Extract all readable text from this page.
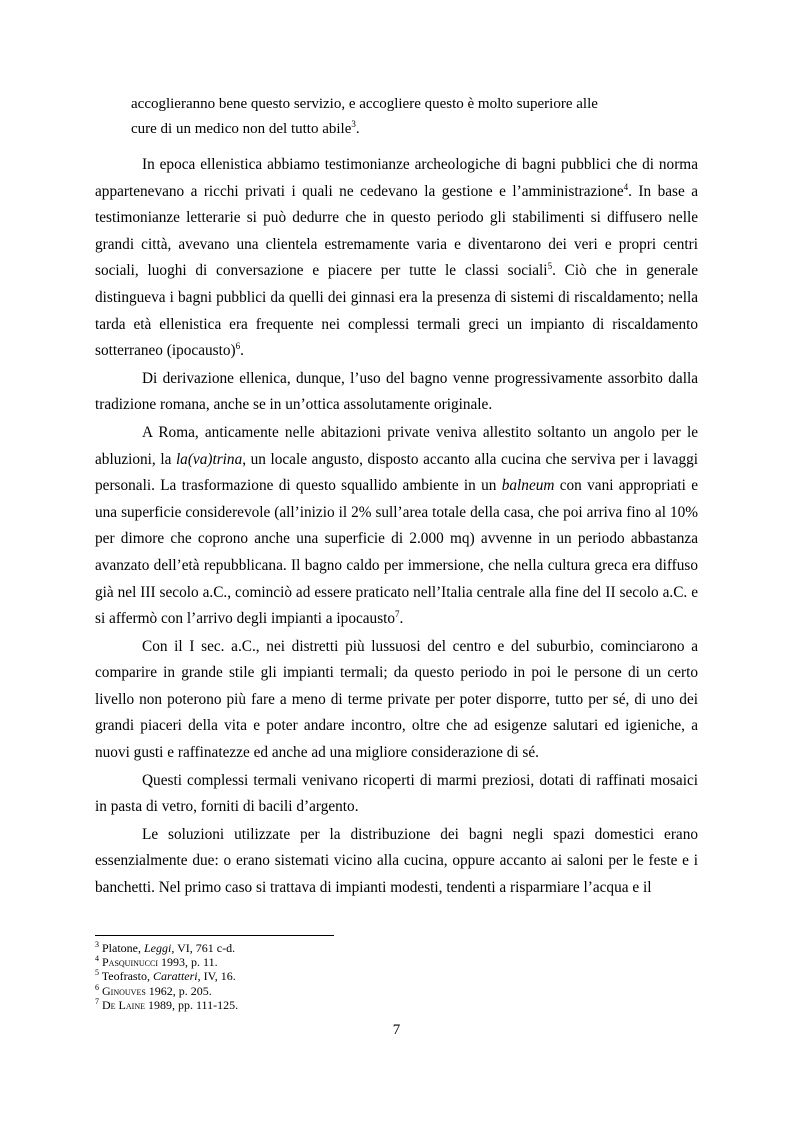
accoglieranno bene questo servizio, e accogliere questo è molto superiore alle
cure di un medico non del tutto abile$^3$.

In epoca ellenistica abbiamo testimonianze archeologiche di bagni pubblici che di norma appartenevano a ricchi privati i quali ne cedevano la gestione e l’amministrazione$^4$. In base a testimonianze letterarie si può dedurre che in questo periodo gli stabilimenti si diffusero nelle grandi città, avevano una clientela estremamente varia e diventarono dei veri e propri centri sociali, luoghi di conversazione e piacere per tutte le classi sociali$^5$. Ciò che in generale distingueva i bagni pubblici da quelli dei ginnasi era la presenza di sistemi di riscaldamento; nella tarda età ellenistica era frequente nei complessi termali greci un impianto di riscaldamento sotterraneo (ipocausto)$^6$.

Di derivazione ellenica, dunque, l’uso del bagno venne progressivamente assorbito dalla tradizione romana, anche se in un’ottica assolutamente originale.

A Roma, anticamente nelle abitazioni private veniva allestito soltanto un angolo per le abluzioni, la la(va)trina, un locale angusto, disposto accanto alla cucina che serviva per i lavaggi personali. La trasformazione di questo squallido ambiente in un balneum con vani appropriati e una superficie considerevole (all’inizio il 2% sull’area totale della casa, che poi arriva fino al 10% per dimore che coprono anche una superficie di 2.000 mq) avvenne in un periodo abbastanza avanzato dell’età repubblicana. Il bagno caldo per immersione, che nella cultura greca era diffuso già nel III secolo a.C., cominciò ad essere praticato nell’Italia centrale alla fine del II secolo a.C. e si affermò con l’arrivo degli impianti a ipocausto$^7$.

Con il I sec. a.C., nei distretti più lussuosi del centro e del suburbio, cominciarono a comparire in grande stile gli impianti termali; da questo periodo in poi le persone di un certo livello non poterono più fare a meno di terme private per poter disporre, tutto per sé, di uno dei grandi piaceri della vita e poter andare incontro, oltre che ad esigenze salutari ed igieniche, a nuovi gusti e raffinatezze ed anche ad una migliore considerazione di sé.

Questi complessi termali venivano ricoperti di marmi preziosi, dotati di raffinati mosaici in pasta di vetro, forniti di bacili d’argento.

Le soluzioni utilizzate per la distribuzione dei bagni negli spazi domestici erano essenzialmente due: o erano sistemati vicino alla cucina, oppure accanto ai saloni per le feste e i banchetti. Nel primo caso si trattava di impianti modesti, tendenti a risparmiare l’acqua e il

$^3$ Platone, Leggi, VI, 761 c-d.
$^4$ Pasquinucci 1993, p. 11.
$^5$ Teofrasto, Caratteri, IV, 16.
$^6$ Ginouves 1962, p. 205.
$^7$ De Laine 1989, pp. 111-125.
7
